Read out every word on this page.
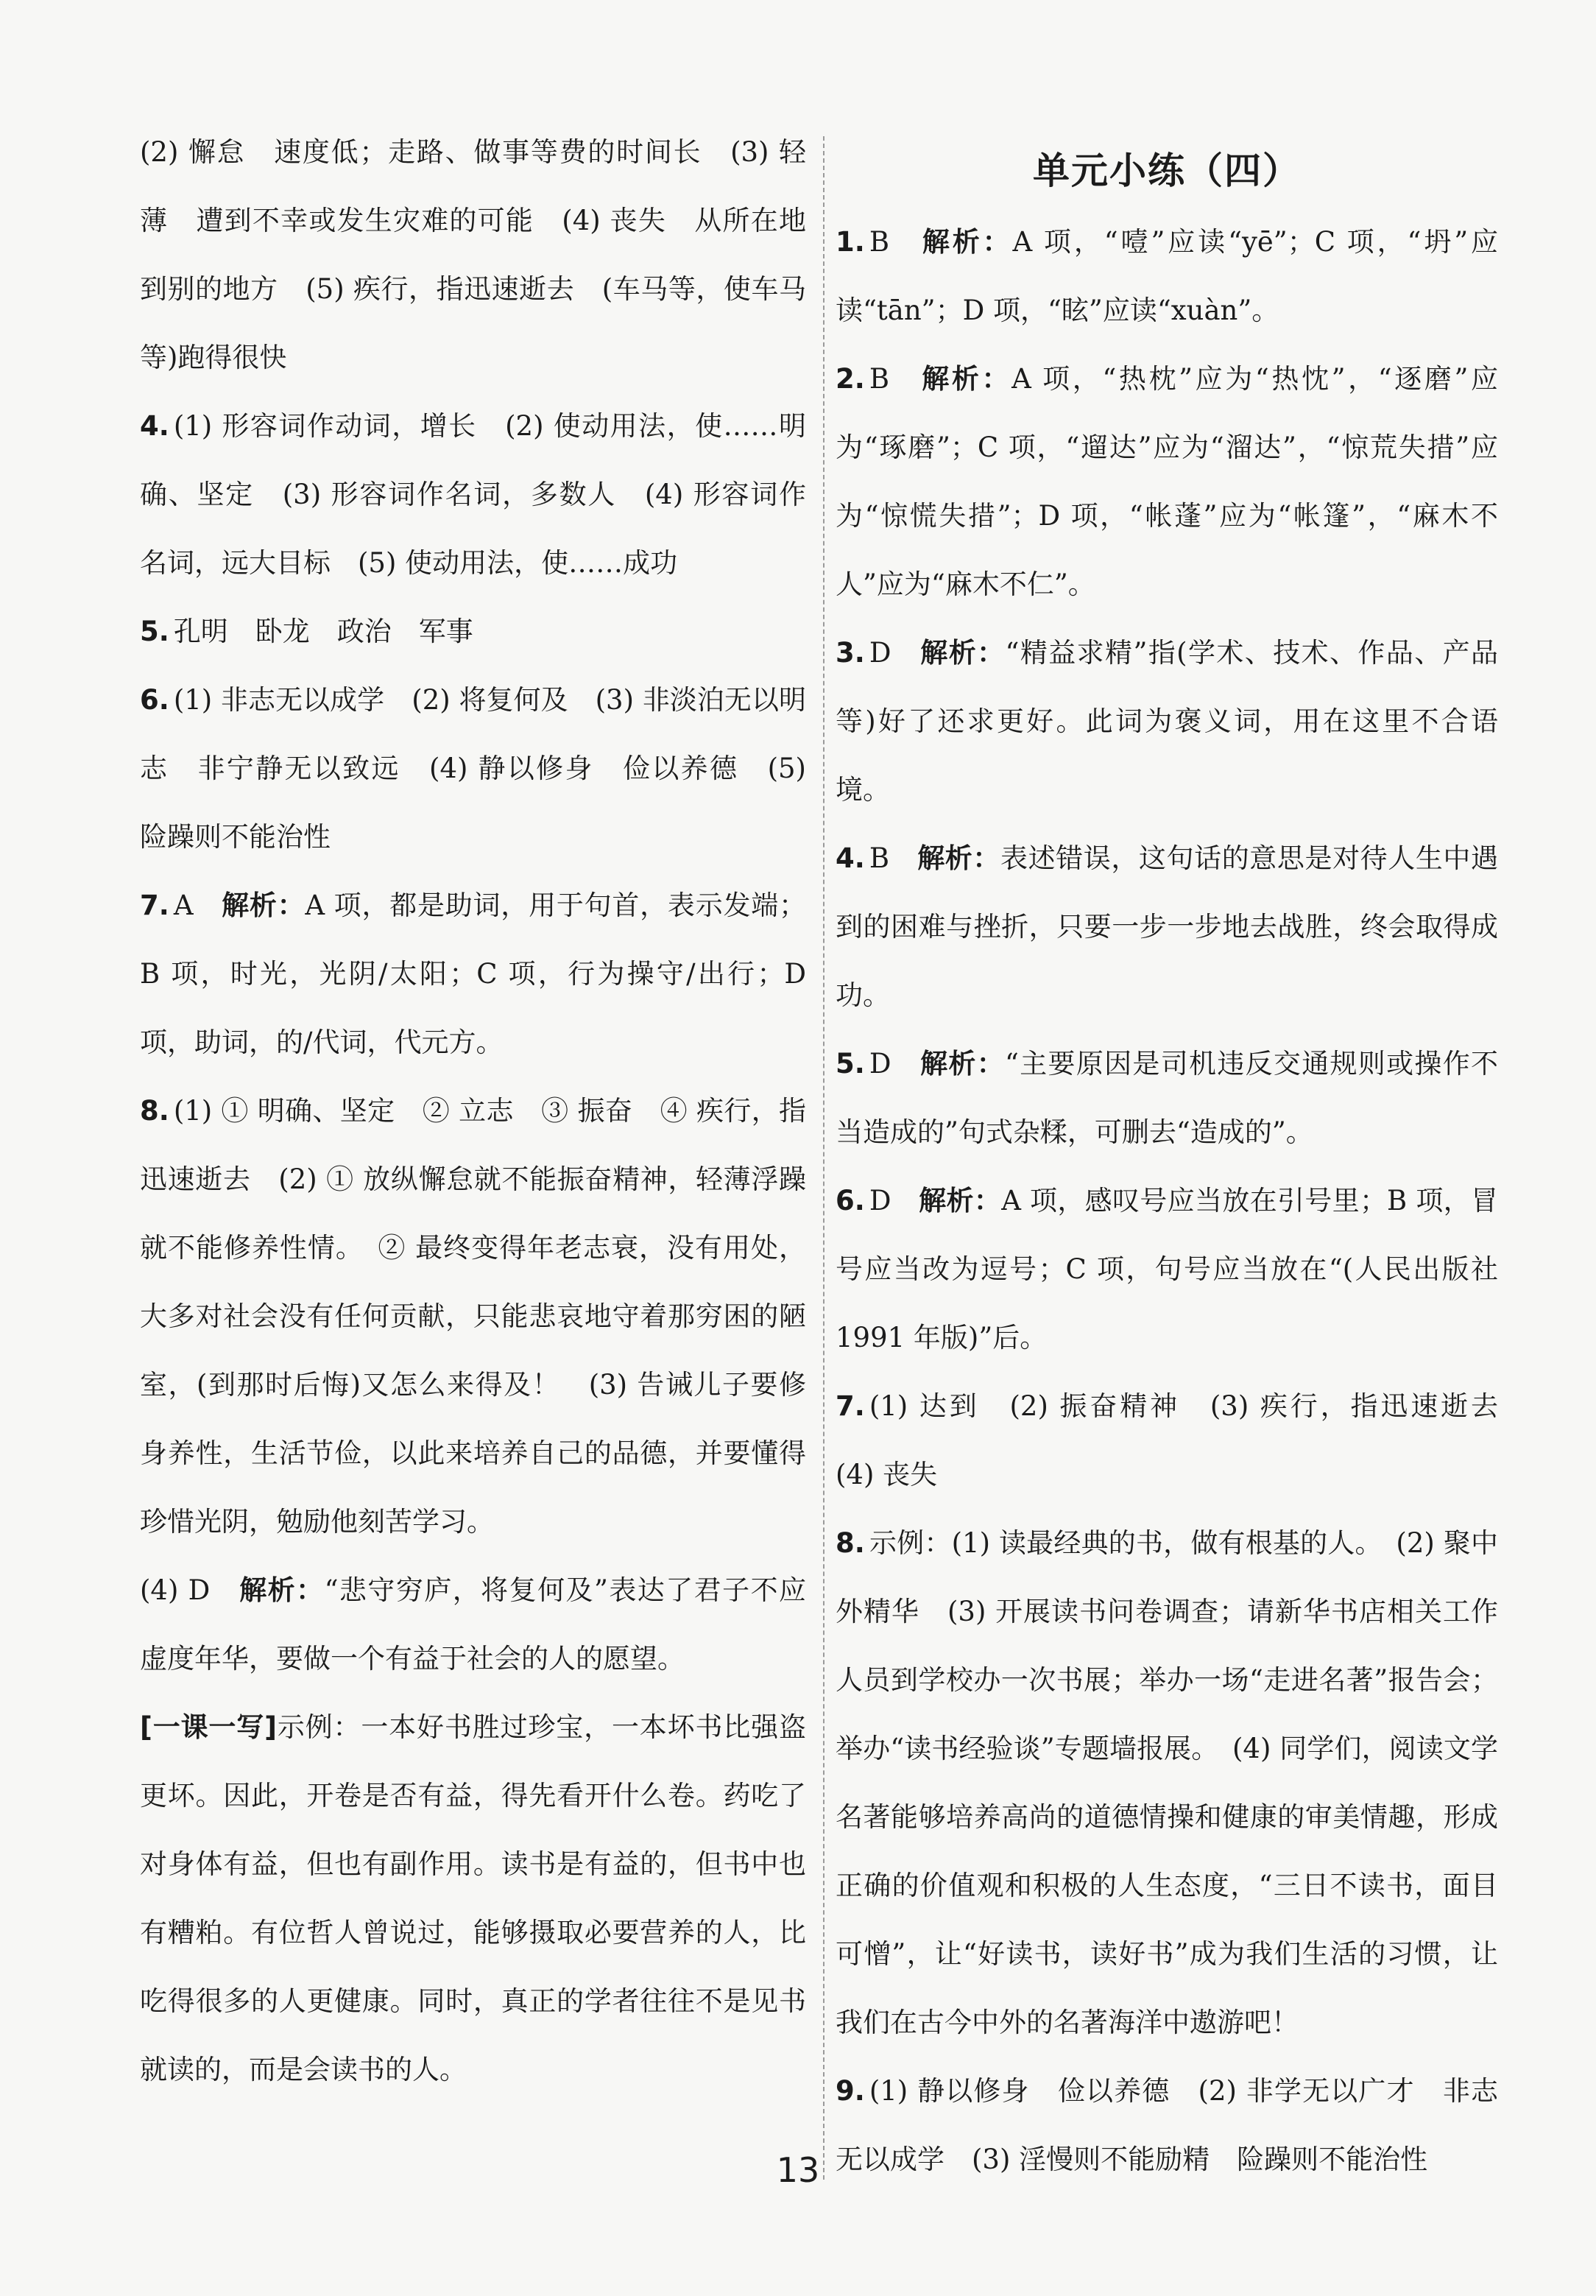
(2) 懈怠　速度低；走路、做事等费的时间长　(3) 轻薄　遭到不幸或发生灾难的可能　(4) 丧失　从所在地到别的地方　(5) 疾行，指迅速逝去　(车马等，使车马等)跑得很快

4. (1) 形容词作动词，增长　(2) 使动用法，使……明确、坚定　(3) 形容词作名词，多数人　(4) 形容词作名词，远大目标　(5) 使动用法，使……成功

5. 孔明　卧龙　政治　军事

6. (1) 非志无以成学　(2) 将复何及　(3) 非淡泊无以明志　非宁静无以致远　(4) 静以修身　俭以养德　(5) 险躁则不能治性

7. A　 解析：A 项，都是助词，用于句首，表示发端；B 项，时光，光阴/太阳；C 项，行为操守/出行；D 项，助词，的/代词，代元方。

8. (1) ① 明确、坚定　② 立志　③ 振奋　④ 疾行，指迅速逝去　(2) ① 放纵懈怠就不能振奋精神，轻薄浮躁就不能修养性情。　② 最终变得年老志衰，没有用处，大多对社会没有任何贡献，只能悲哀地守着那穷困的陋室，(到那时后悔)又怎么来得及！　(3) 告诫儿子要修身养性，生活节俭，以此来培养自己的品德，并要懂得珍惜光阴，勉励他刻苦学习。

(4) D　 解析：“悲守穷庐，将复何及”表达了君子不应虚度年华，要做一个有益于社会的人的愿望。

[一课一写]示例：一本好书胜过珍宝，一本坏书比强盗更坏。因此，开卷是否有益，得先看开什么卷。药吃了对身体有益，但也有副作用。读书是有益的，但书中也有糟粕。有位哲人曾说过，能够摄取必要营养的人，比吃得很多的人更健康。同时，真正的学者往往不是见书就读的，而是会读书的人。

单元小练（四）

1. B　 解析：A 项，“噎”应读“yē”；C 项，“坍”应读“tān”；D 项，“眩”应读“xuàn”。

2. B　 解析：A 项，“热枕”应为“热忱”，“逐磨”应为“琢磨”；C 项，“遛达”应为“溜达”，“惊荒失措”应为“惊慌失措”；D 项，“帐蓬”应为“帐篷”，“麻木不人”应为“麻木不仁”。

3. D　 解析：“精益求精”指(学术、技术、作品、产品等)好了还求更好。此词为褒义词，用在这里不合语境。

4. B　 解析：表述错误，这句话的意思是对待人生中遇到的困难与挫折，只要一步一步地去战胜，终会取得成功。

5. D　 解析：“主要原因是司机违反交通规则或操作不当造成的”句式杂糅，可删去“造成的”。

6. D　 解析：A 项，感叹号应当放在引号里；B 项，冒号应当改为逗号；C 项，句号应当放在“(人民出版社 1991 年版)”后。

7. (1) 达到　(2) 振奋精神　(3) 疾行，指迅速逝去　(4) 丧失

8. 示例：(1) 读最经典的书，做有根基的人。　(2) 聚中外精华　(3) 开展读书问卷调查；请新华书店相关工作人员到学校办一次书展；举办一场“走进名著”报告会；举办“读书经验谈”专题墙报展。　(4) 同学们，阅读文学名著能够培养高尚的道德情操和健康的审美情趣，形成正确的价值观和积极的人生态度，“三日不读书，面目可憎”，让“好读书，读好书”成为我们生活的习惯，让我们在古今中外的名著海洋中遨游吧！

9. (1) 静以修身　俭以养德　(2) 非学无以广才　非志无以成学　(3) 淫慢则不能励精　险躁则不能治性

13
